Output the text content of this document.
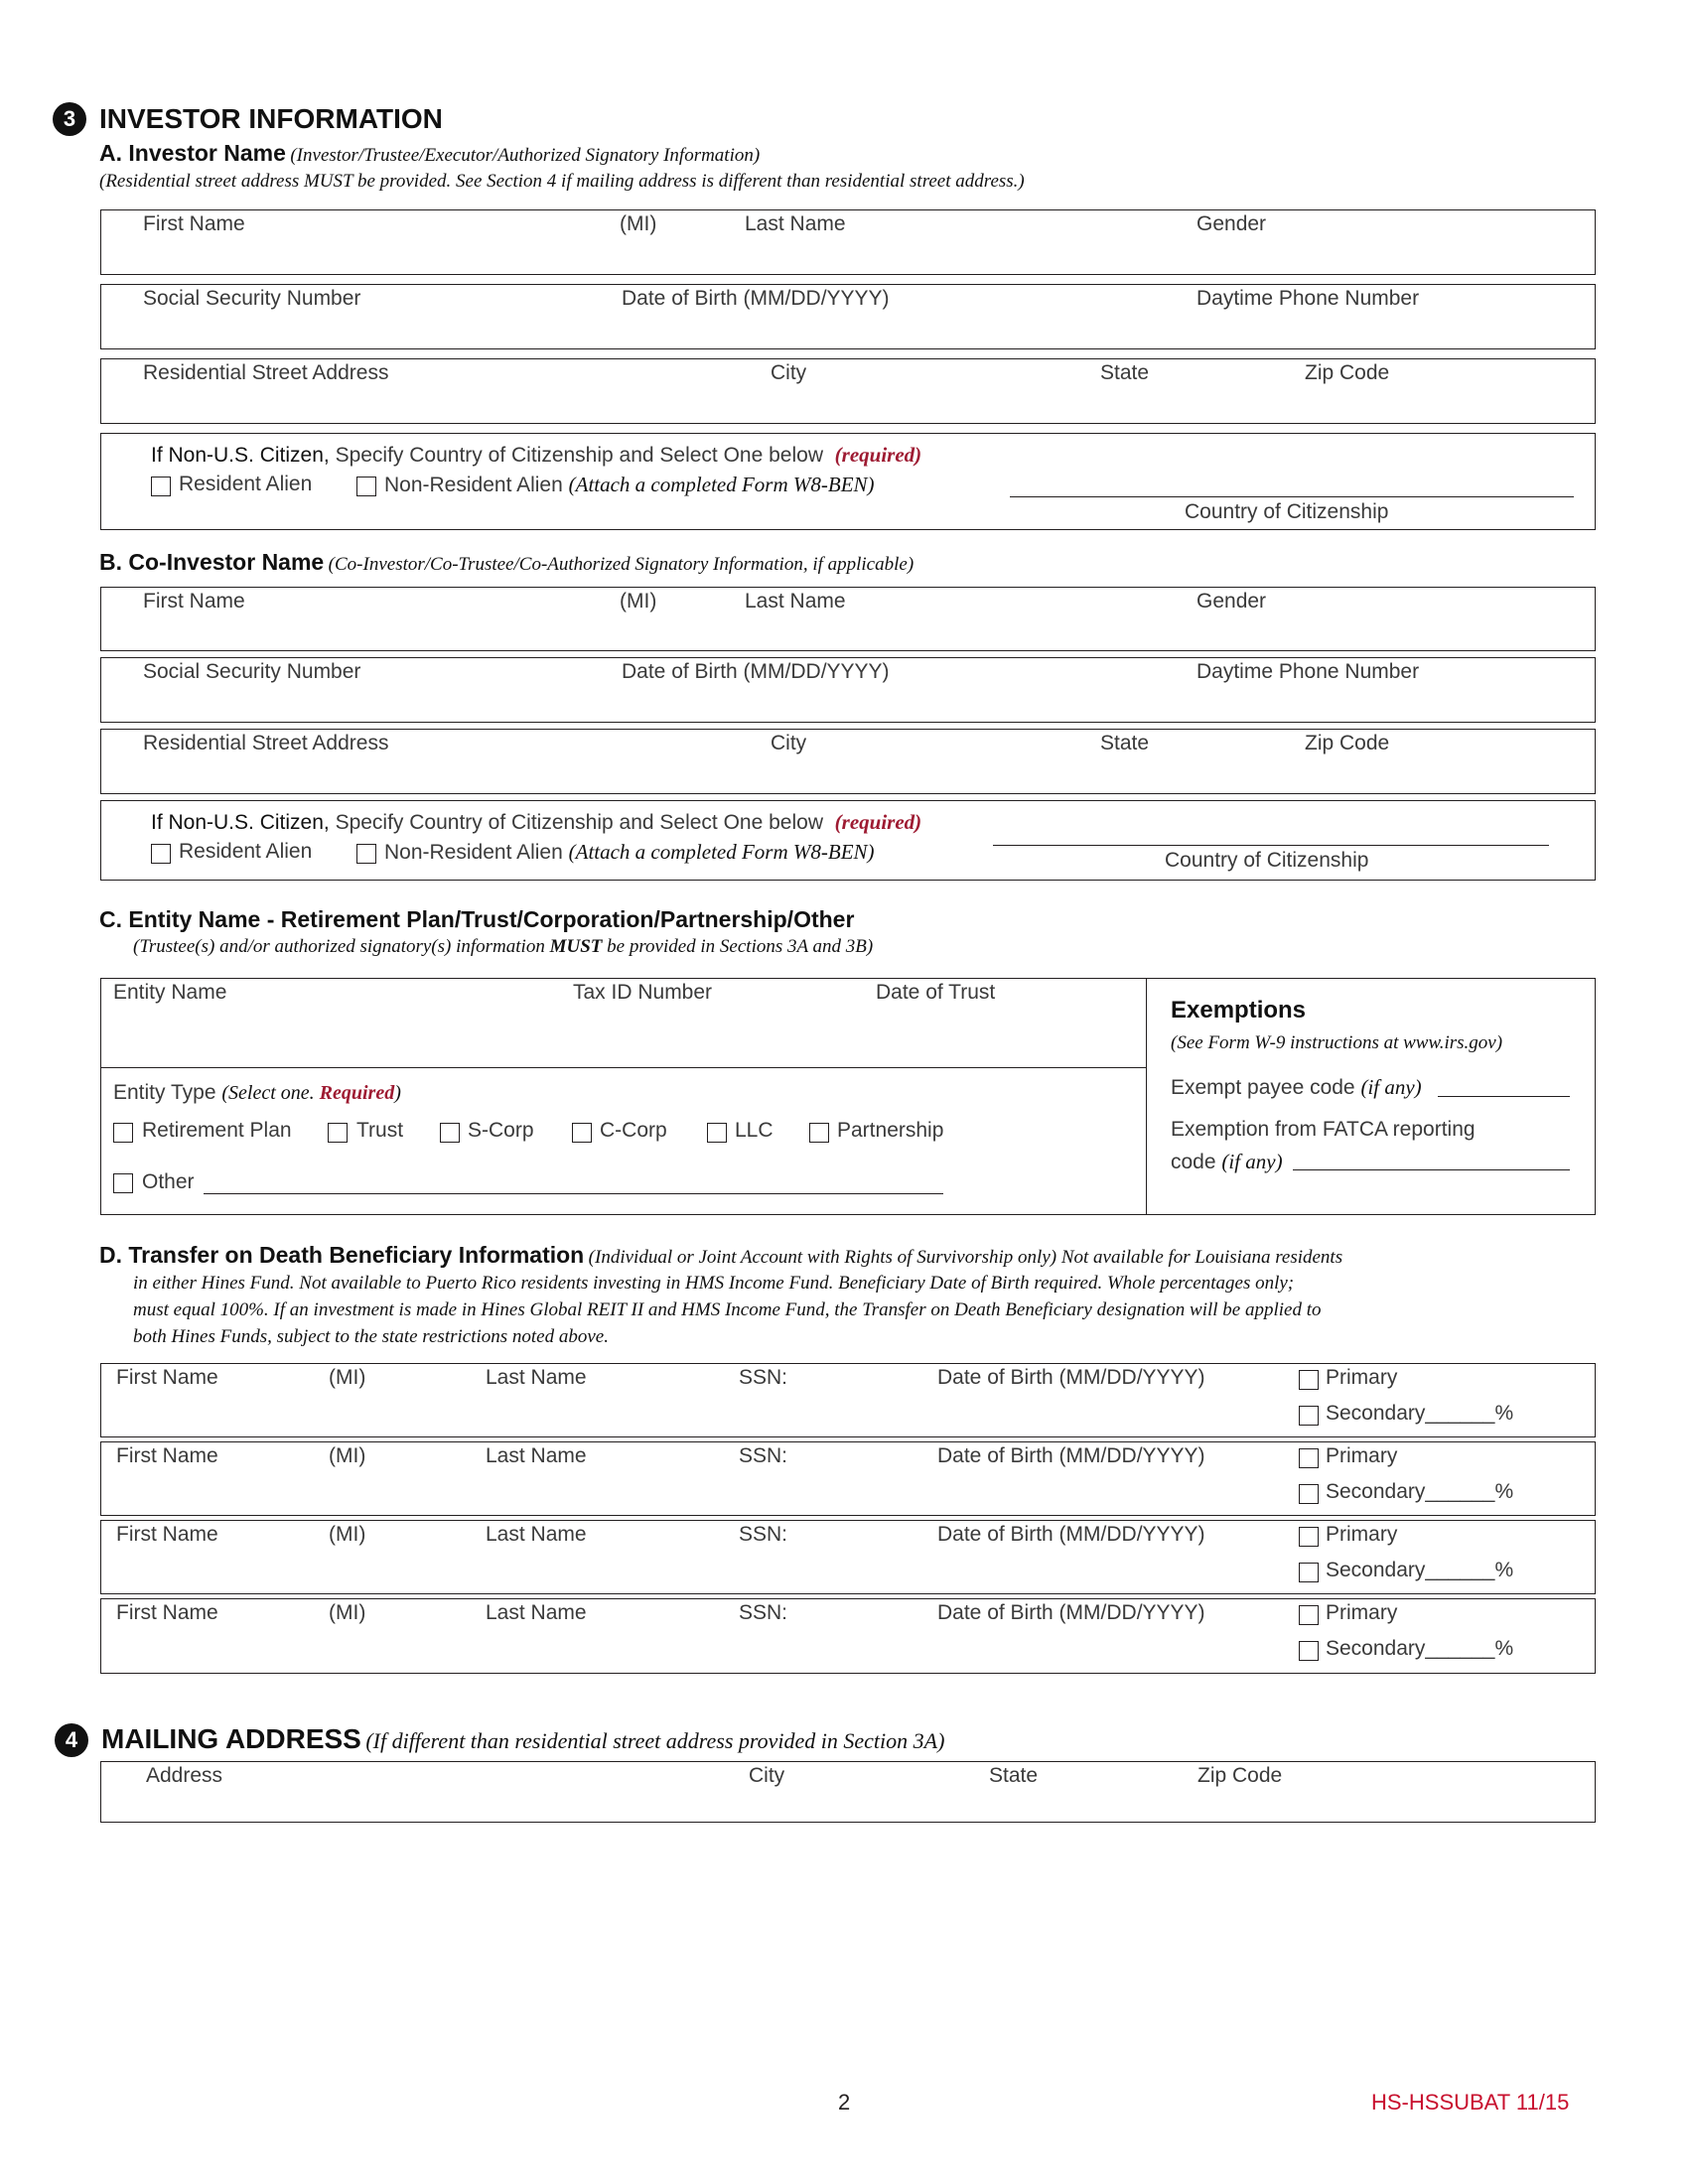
3 INVESTOR INFORMATION
A. Investor Name (Investor/Trustee/Executor/Authorized Signatory Information)
(Residential street address MUST be provided. See Section 4 if mailing address is different than residential street address.)
First Name	(MI)	Last Name	Gender
Social Security Number	Date of Birth (MM/DD/YYYY)	Daytime Phone Number
Residential Street Address	City	State	Zip Code
If Non-U.S. Citizen, Specify Country of Citizenship and Select One below (required)
Resident Alien	Non-Resident Alien (Attach a completed Form W8-BEN)
Country of Citizenship
B. Co-Investor Name (Co-Investor/Co-Trustee/Co-Authorized Signatory Information, if applicable)
First Name	(MI)	Last Name	Gender
Social Security Number	Date of Birth (MM/DD/YYYY)	Daytime Phone Number
Residential Street Address	City	State	Zip Code
If Non-U.S. Citizen, Specify Country of Citizenship and Select One below (required)
Resident Alien	Non-Resident Alien (Attach a completed Form W8-BEN)	Country of Citizenship
C. Entity Name - Retirement Plan/Trust/Corporation/Partnership/Other
(Trustee(s) and/or authorized signatory(s) information MUST be provided in Sections 3A and 3B)
Entity Name	Tax ID Number	Date of Trust
Entity Type (Select one. Required)
Retirement Plan	Trust	S-Corp	C-Corp	LLC	Partnership
Other
Exemptions
(See Form W-9 instructions at www.irs.gov)
Exempt payee code (if any)
Exemption from FATCA reporting
code (if any)
D. Transfer on Death Beneficiary Information (Individual or Joint Account with Rights of Survivorship only) Not available for Louisiana residents
in either Hines Fund. Not available to Puerto Rico residents investing in HMS Income Fund. Beneficiary Date of Birth required. Whole percentages only;
must equal 100%. If an investment is made in Hines Global REIT II and HMS Income Fund, the Transfer on Death Beneficiary designation will be applied to
both Hines Funds, subject to the state restrictions noted above.
First Name	(MI)	Last Name	SSN:	Date of Birth (MM/DD/YYYY)	Primary
Secondary______%
First Name	(MI)	Last Name	SSN:	Date of Birth (MM/DD/YYYY)	Primary
Secondary______%
First Name	(MI)	Last Name	SSN:	Date of Birth (MM/DD/YYYY)	Primary
Secondary______%
First Name	(MI)	Last Name	SSN:	Date of Birth (MM/DD/YYYY)	Primary
Secondary______%
4 MAILING ADDRESS (If different than residential street address provided in Section 3A)
Address	City	State	Zip Code
2	HS-HSSUBAT 11/15
